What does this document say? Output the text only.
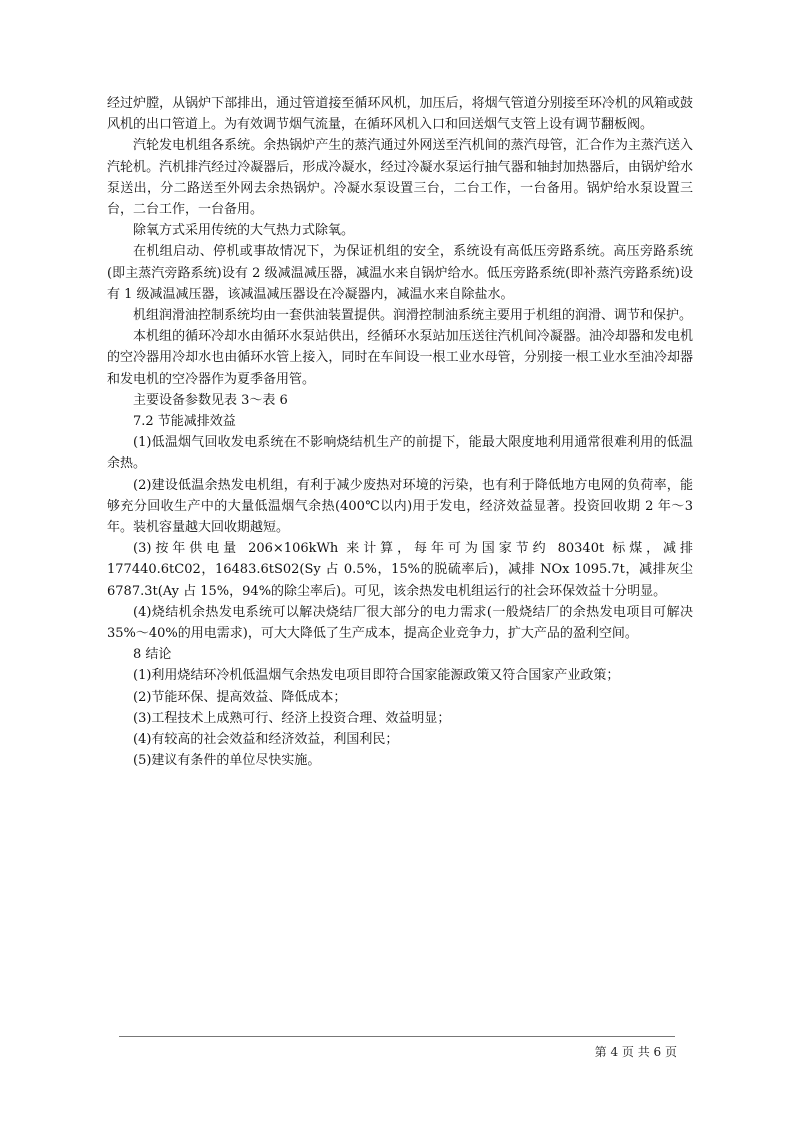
经过炉膛，从锅炉下部排出，通过管道接至循环风机，加压后，将烟气管道分别接至环冷机的风箱或鼓风机的出口管道上。为有效调节烟气流量，在循环风机入口和回送烟气支管上设有调节翻板阀。

汽轮发电机组各系统。余热锅炉产生的蒸汽通过外网送至汽机间的蒸汽母管，汇合作为主蒸汽送入汽轮机。汽机排汽经过冷凝器后，形成冷凝水，经过冷凝水泵运行抽气器和轴封加热器后，由锅炉给水泵送出，分二路送至外网去余热锅炉。冷凝水泵设置三台，二台工作，一台备用。锅炉给水泵设置三台，二台工作，一台备用。

除氧方式采用传统的大气热力式除氧。

在机组启动、停机或事故情况下，为保证机组的安全，系统设有高低压旁路系统。高压旁路系统(即主蒸汽旁路系统)设有 2 级减温减压器，减温水来自锅炉给水。低压旁路系统(即补蒸汽旁路系统)设有 1 级减温减压器，该减温减压器设在冷凝器内，减温水来自除盐水。

机组润滑油控制系统均由一套供油装置提供。润滑控制油系统主要用于机组的润滑、调节和保护。

本机组的循环冷却水由循环水泵站供出，经循环水泵站加压送往汽机间冷凝器。油冷却器和发电机的空冷器用冷却水也由循环水管上接入，同时在车间设一根工业水母管，分别接一根工业水至油冷却器和发电机的空冷器作为夏季备用管。

主要设备参数见表 3～表 6

7.2 节能减排效益

(1)低温烟气回收发电系统在不影响烧结机生产的前提下，能最大限度地利用通常很难利用的低温余热。

(2)建设低温余热发电机组，有利于减少废热对环境的污染，也有利于降低地方电网的负荷率，能够充分回收生产中的大量低温烟气余热(400℃以内)用于发电，经济效益显著。投资回收期 2 年～3 年。装机容量越大回收期越短。

(3)按年供电量 206×106kWh 来计算，每年可为国家节约 80340t 标煤，减排 177440.6tC02，16483.6tS02(Sy 占 0.5%，15%的脱硫率后)，减排 NOx 1095.7t，减排灰尘 6787.3t(Ay 占 15%，94%的除尘率后)。可见，该余热发电机组运行的社会环保效益十分明显。

(4)烧结机余热发电系统可以解决烧结厂很大部分的电力需求(一般烧结厂的余热发电项目可解决 35%～40%的用电需求)，可大大降低了生产成本，提高企业竞争力，扩大产品的盈利空间。

8 结论

(1)利用烧结环冷机低温烟气余热发电项目即符合国家能源政策又符合国家产业政策；

(2)节能环保、提高效益、降低成本；

(3)工程技术上成熟可行、经济上投资合理、效益明显；

(4)有较高的社会效益和经济效益，利国利民；

(5)建议有条件的单位尽快实施。

第 4 页 共 6 页
